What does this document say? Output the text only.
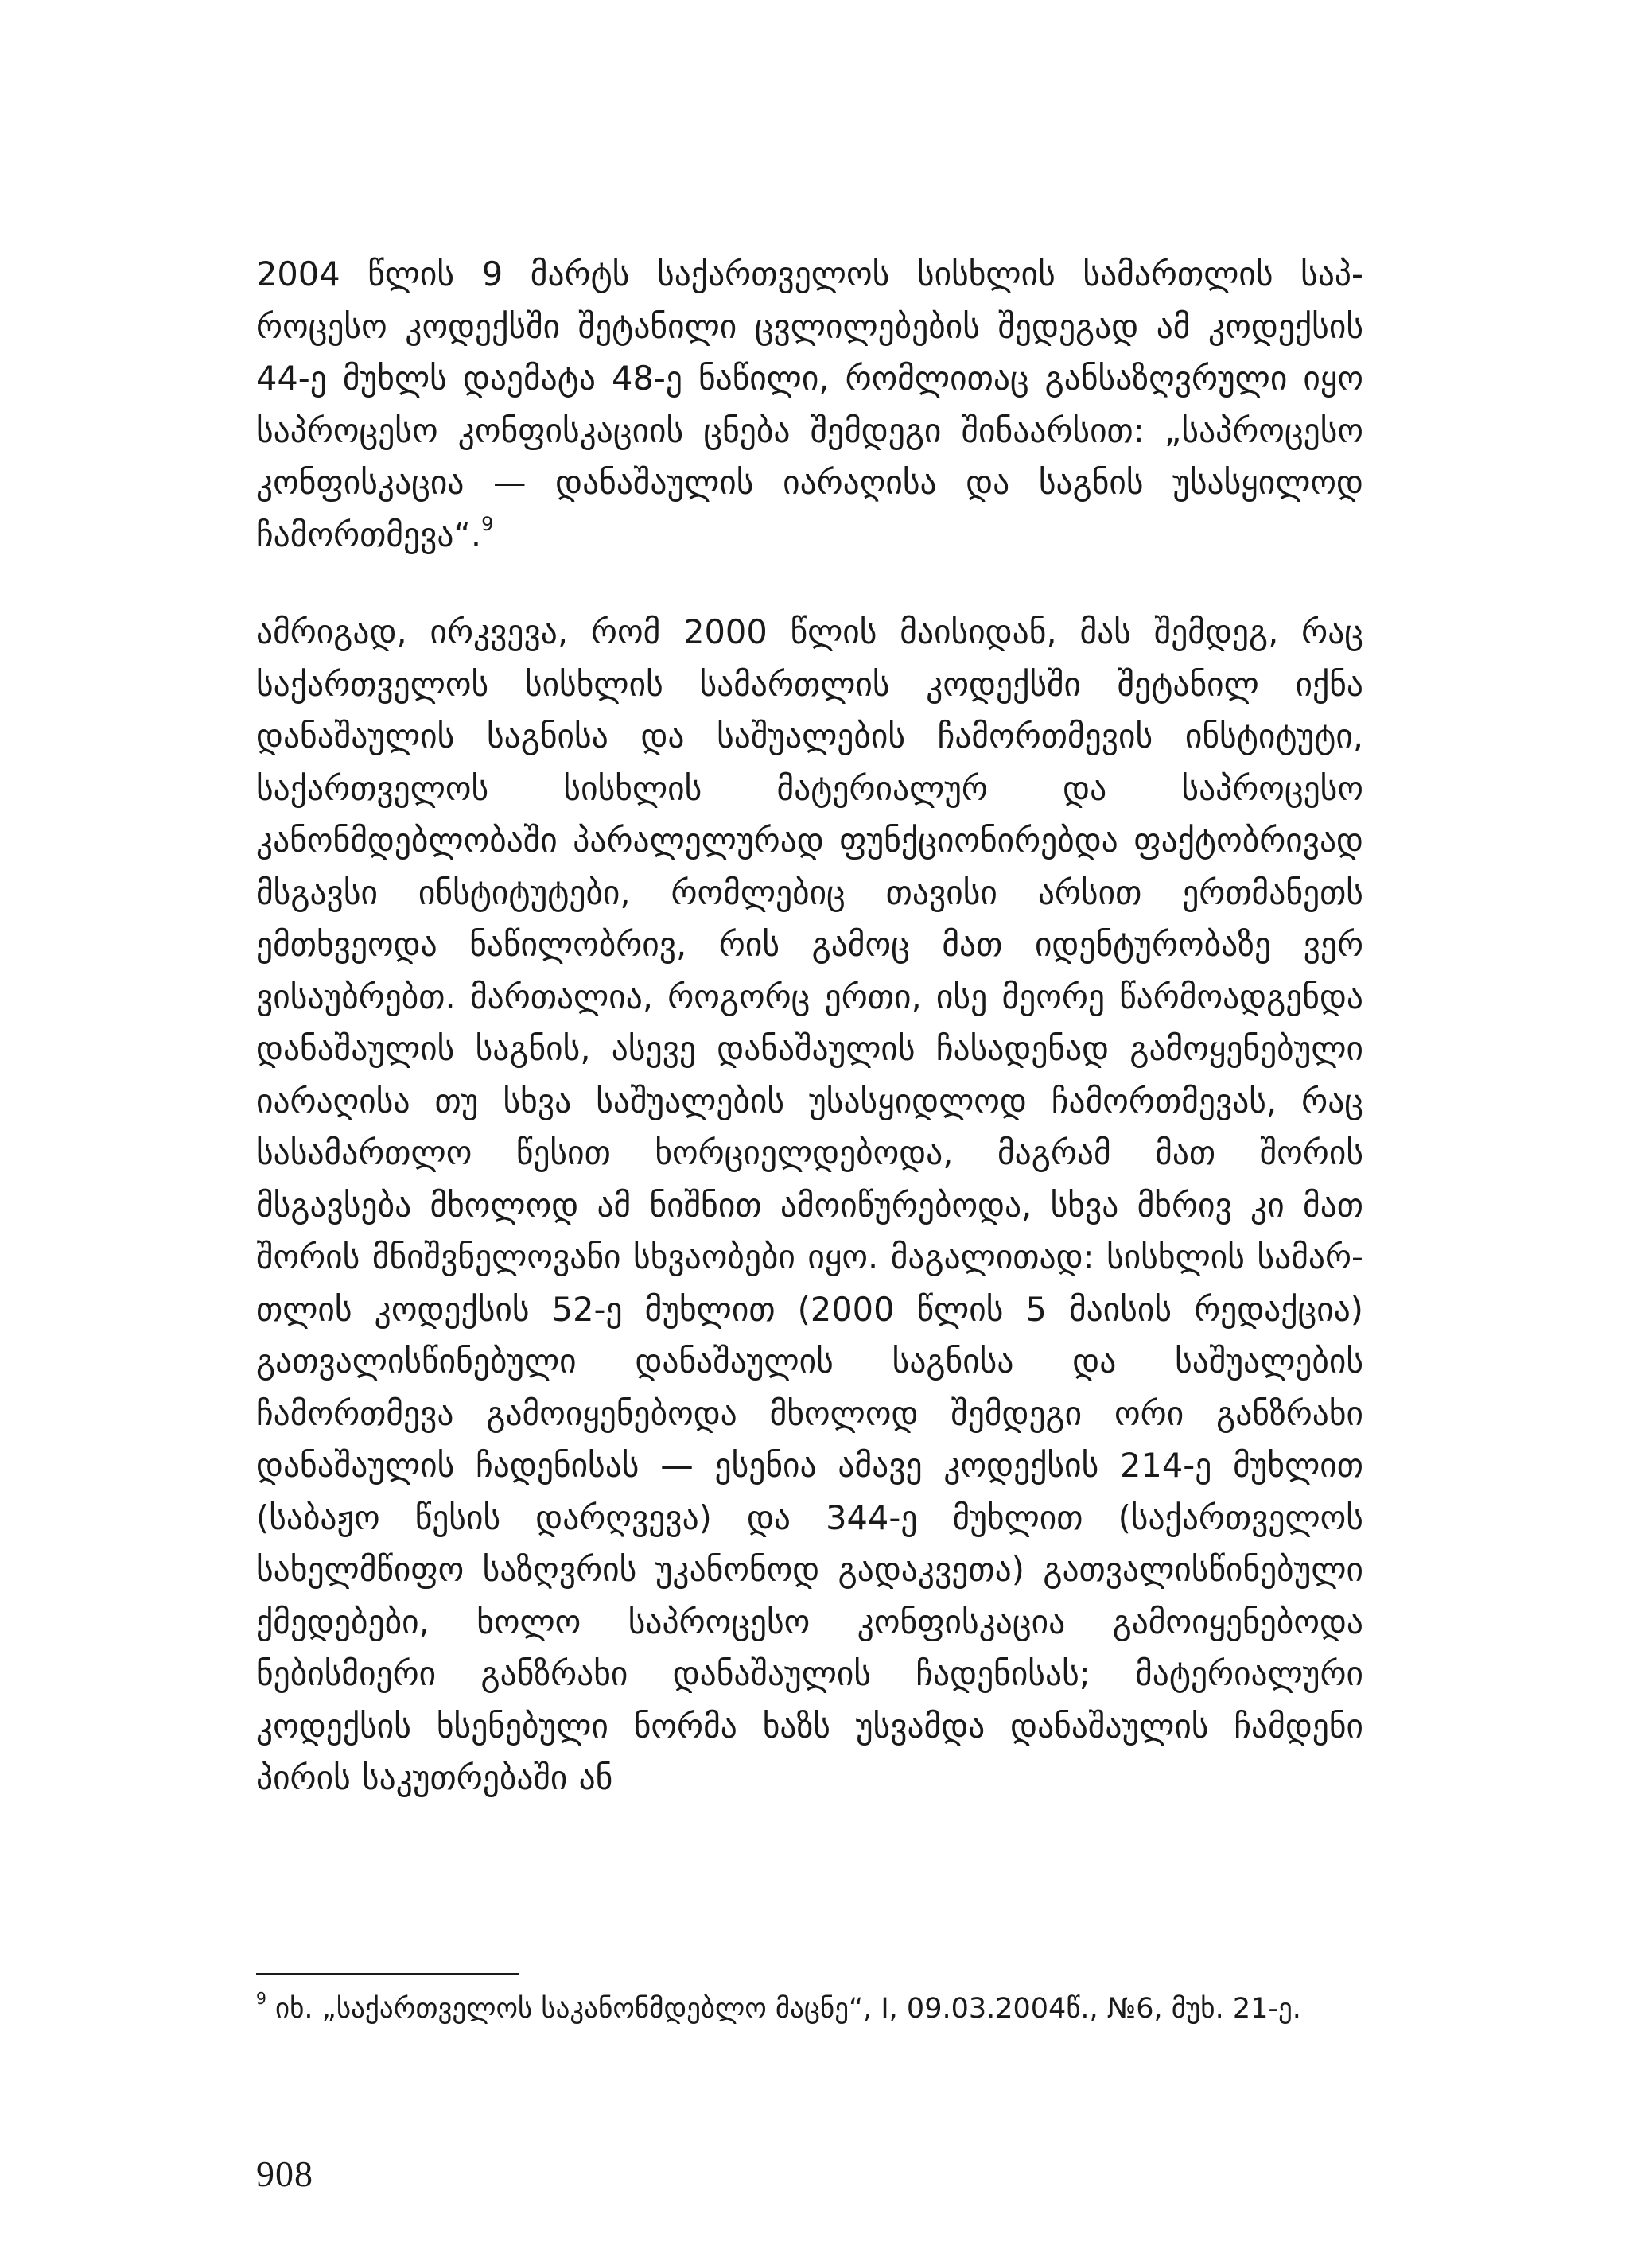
2004 წლის 9 მარტს საქართველოს სისხლის სამართლის საპროცესო კოდექსში შეტანილი ცვლილებების შედეგად ამ კოდექსის 44-ე მუხლს დაემატა 48-ე ნაწილი, რომლითაც განსაზღვრული იყო საპროცესო კონფისკაციის ცნება შემდეგი შინაარსით: „საპროცესო კონფისკაცია — დანაშაულის იარაღისა და საგნის უსასყილოდ ჩამორთმევა“.$^9$
ამრიგად, ირკვევა, რომ 2000 წლის მაისიდან, მას შემდეგ, რაც საქართველოს სისხლის სამართლის კოდექსში შეტანილ იქნა დანაშაულის საგნისა და საშუალების ჩამორთმევის ინსტიტუტი, საქართველოს სისხლის მატერიალურ და საპროცესო კანონმდებლობაში პარალელურად ფუნქციონირებდა ფაქტობრივად მსგავსი ინსტიტუტები, რომლებიც თავისი არსით ერთმანეთს ემთხვეოდა ნაწილობრივ, რის გამოც მათ იდენტურობაზე ვერ ვისაუბრებთ. მართალია, როგორც ერთი, ისე მეორე წარმოადგენდა დანაშაულის საგნის, ასევე დანაშაულის ჩასადენად გამოყენებული იარაღისა თუ სხვა საშუალების უსასყიდლოდ ჩამორთმევას, რაც სასამართლო წესით ხორციელდებოდა, მაგრამ მათ შორის მსგავსება მხოლოდ ამ ნიშნით ამოიწურებოდა, სხვა მხრივ კი მათ შორის მნიშვნელოვანი სხვაობები იყო. მაგალითად: სისხლის სამართლის კოდექსის 52-ე მუხლით (2000 წლის 5 მაისის რედაქცია) გათვალისწინებული დანაშაულის საგნისა და საშუალების ჩამორთმევა გამოიყენებოდა მხოლოდ შემდეგი ორი განზრახი დანაშაულის ჩადენისას — ესენია ამავე კოდექსის 214-ე მუხლით (საბაჟო წესის დარღვევა) და 344-ე მუხლით (საქართველოს სახელმწიფო საზღვრის უკანონოდ გადაკვეთა) გათვალისწინებული ქმედებები, ხოლო საპროცესო კონფისკაცია გამოიყენებოდა ნებისმიერი განზრახი დანაშაულის ჩადენისას; მატერიალური კოდექსის ხსენებული ნორმა ხაზს უსვამდა დანაშაულის ჩამდენი პირის საკუთრებაში ან

$^9$ იხ. „საქართველოს საკანონმდებლო მაცნე“, I, 09.03.2004წ., №6, მუხ. 21-ე.

908
